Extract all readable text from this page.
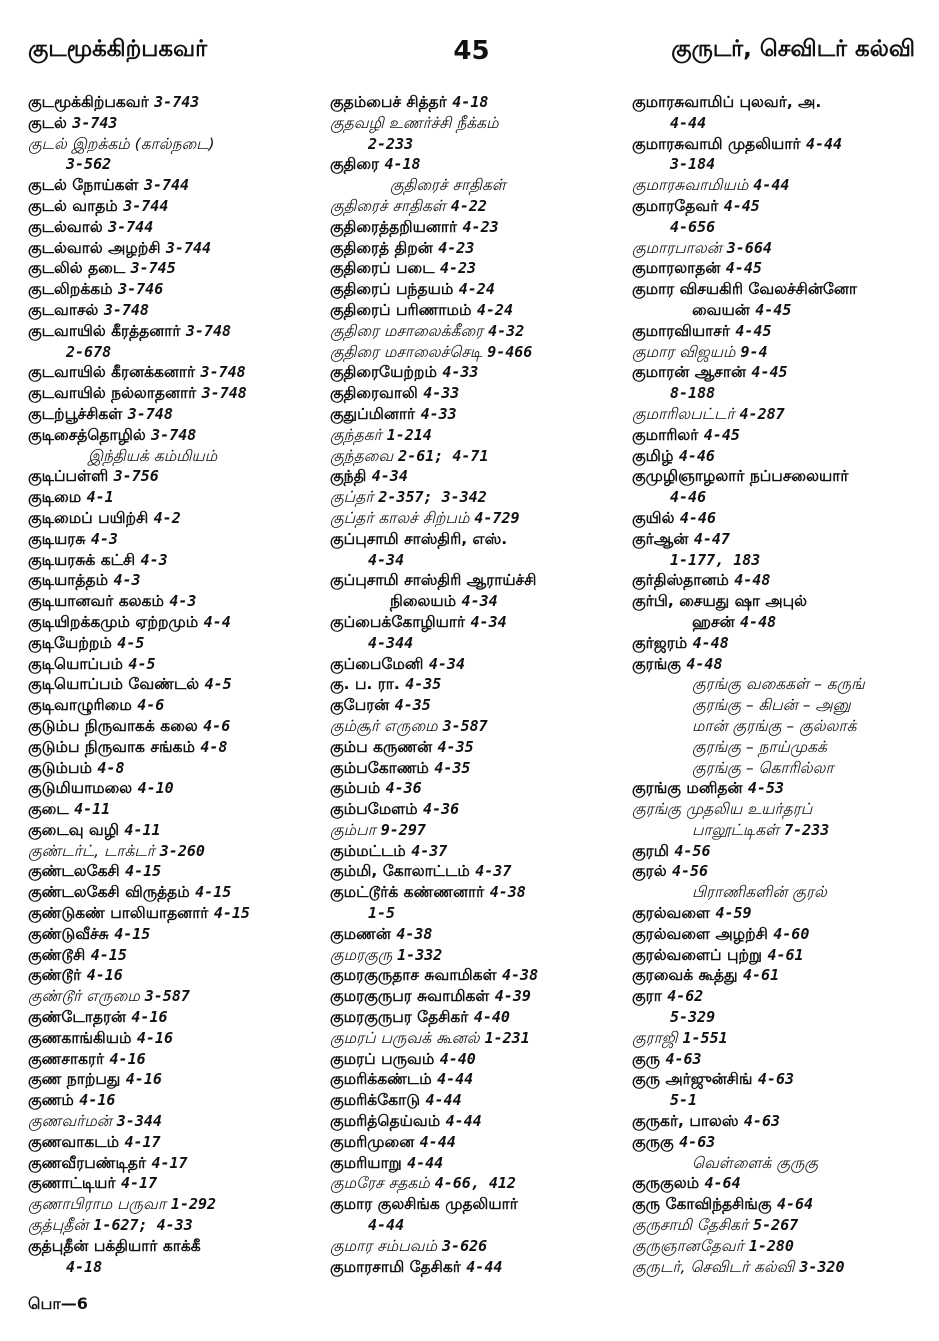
குடமூக்கிற்பகவர்	45	குருடர், செவிடர் கல்வி
குடமூக்கிற்பகவர் 3-743
குடல் 3-743
குடல் இறக்கம் (கால்நடை)
3-562
குடல் நோய்கள் 3-744
குடல் வாதம் 3-744
குடல்வால் 3-744
குடல்வால் அழற்சி 3-744
குடலில் தடை 3-745
குடலிறக்கம் 3-746
குடவாசல் 3-748
குடவாயில் கீரத்தனார் 3-748
2-678
குடவாயில் கீரனக்கனார் 3-748
குடவாயில் நல்லாதனார் 3-748
குடற்பூச்சிகள் 3-748
குடிசைத்தொழில் 3-748
இந்தியக் கம்மியம்
குடிப்பள்ளி 3-756
குடிமை 4-1
குடிமைப் பயிற்சி 4-2
குடியரசு 4-3
குடியரசுக் கட்சி 4-3
குடியாத்தம் 4-3
குடியானவர் கலகம் 4-3
குடியிறக்கமும் ஏற்றமும் 4-4
குடியேற்றம் 4-5
குடியொப்பம் 4-5
குடியொப்பம் வேண்டல் 4-5
குடிவாழுரிமை 4-6
குடும்ப நிருவாகக் கலை 4-6
குடும்ப நிருவாக சங்கம் 4-8
குடும்பம் 4-8
குடுமியாமலை 4-10
குடை 4-11
குடைவு வழி 4-11
குண்டர்ட், டாக்டர் 3-260
குண்டலகேசி 4-15
குண்டலகேசி விருத்தம் 4-15
குண்டுகண் பாலியாதனார் 4-15
குண்டுவீச்சு 4-15
குண்டூசி 4-15
குண்டூர் 4-16
குண்டூர் எருமை 3-587
குண்டோதரன் 4-16
குணகாங்கியம் 4-16
குணசாகரர் 4-16
குண நாற்பது 4-16
குணம் 4-16
குணவர்மன் 3-344
குணவாகடம் 4-17
குணவீரபண்டிதர் 4-17
குணாட்டியர் 4-17
குணாபிராம பருவா 1-292
குத்புதீன் 1-627; 4-33
குத்புதீன் பக்தியார் காக்கீ
4-18
குதம்பைச் சித்தர் 4-18
குதவழி உணர்ச்சி நீக்கம்
2-233
குதிரை 4-18
குதிரைச் சாதிகள்
குதிரைச் சாதிகள் 4-22
குதிரைத்தறியனார் 4-23
குதிரைத் திறன் 4-23
குதிரைப் படை 4-23
குதிரைப் பந்தயம் 4-24
குதிரைப் பரிணாமம் 4-24
குதிரை மசாலைக்கீரை 4-32
குதிரை மசாலைச்செடி 9-466
குதிரையேற்றம் 4-33
குதிரைவாலி 4-33
குதுப்மினார் 4-33
குந்தகர் 1-214
குந்தவை 2-61; 4-71
குந்தி 4-34
குப்தர் 2-357; 3-342
குப்தர் காலச் சிற்பம் 4-729
குப்புசாமி சாஸ்திரி, எஸ்.
4-34
குப்புசாமி சாஸ்திரி ஆராய்ச்சி
நிலையம் 4-34
குப்பைக்கோழியார் 4-34
4-344
குப்பைமேனி 4-34
கு. ப. ரா. 4-35
குபேரன் 4-35
கும்சூர் எருமை 3-587
கும்ப கருணன் 4-35
கும்பகோணம் 4-35
கும்பம் 4-36
கும்பமேளம் 4-36
கும்பா 9-297
கும்மட்டம் 4-37
கும்மி, கோலாட்டம் 4-37
குமட்டூர்க் கண்ணனார் 4-38
1-5
குமணன் 4-38
குமரகுரு 1-332
குமரகுருதாச சுவாமிகள் 4-38
குமரகுருபர சுவாமிகள் 4-39
குமரகுருபர தேசிகர் 4-40
குமரப் பருவக் கூனல் 1-231
குமரப் பருவம் 4-40
குமரிக்கண்டம் 4-44
குமரிக்கோடு 4-44
குமரித்தெய்வம் 4-44
குமரிமுனை 4-44
குமரியாறு 4-44
குமரேச சதகம் 4-66, 412
குமார குலசிங்க முதலியார்
4-44
குமார சம்பவம் 3-626
குமாரசாமி தேசிகர் 4-44
குமாரசுவாமிப் புலவர், அ.
4-44
குமாரசுவாமி முதலியார் 4-44
3-184
குமாரசுவாமியம் 4-44
குமாரதேவர் 4-45
4-656
குமாரபாலன் 3-664
குமாரலாதன் 4-45
குமார விசயகிரி வேலச்சின்னோ
வையன் 4-45
குமாரவியாசர் 4-45
குமார விஜயம் 9-4
குமாரன் ஆசான் 4-45
8-188
குமாரிலபட்டர் 4-287
குமாரிலர் 4-45
குமிழ் 4-46
குமுழிஞாழலார் நப்பசலையார்
4-46
குயில் 4-46
குர்ஆன் 4-47
1-177, 183
குர்திஸ்தானம் 4-48
குர்பி, சையது ஷா அபுல்
ஹசன் 4-48
குர்ஜரம் 4-48
குரங்கு 4-48
குரங்கு வகைகள் – கருங்
குரங்கு – கிபன் – அனு
மான் குரங்கு – குல்லாக்
குரங்கு – நாய்முகக்
குரங்கு – கொரில்லா
குரங்கு மனிதன் 4-53
குரங்கு முதலிய உயர்தரப்
பாலூட்டிகள் 7-233
குரமி 4-56
குரல் 4-56
பிராணிகளின் குரல்
குரல்வளை 4-59
குரல்வளை அழற்சி 4-60
குரல்வளைப் புற்று 4-61
குரவைக் கூத்து 4-61
குரா 4-62
5-329
குராஜி 1-551
குரு 4-63
குரு அர்ஜுன்சிங் 4-63
5-1
குருகர், பாலஸ் 4-63
குருகு 4-63
வெள்ளைக் குருகு
குருகுலம் 4-64
குரு கோவிந்தசிங்கு 4-64
குருசாமி தேசிகர் 5-267
குருஞானதேவர் 1-280
குருடர், செவிடர் கல்வி 3-320
பொ—6
